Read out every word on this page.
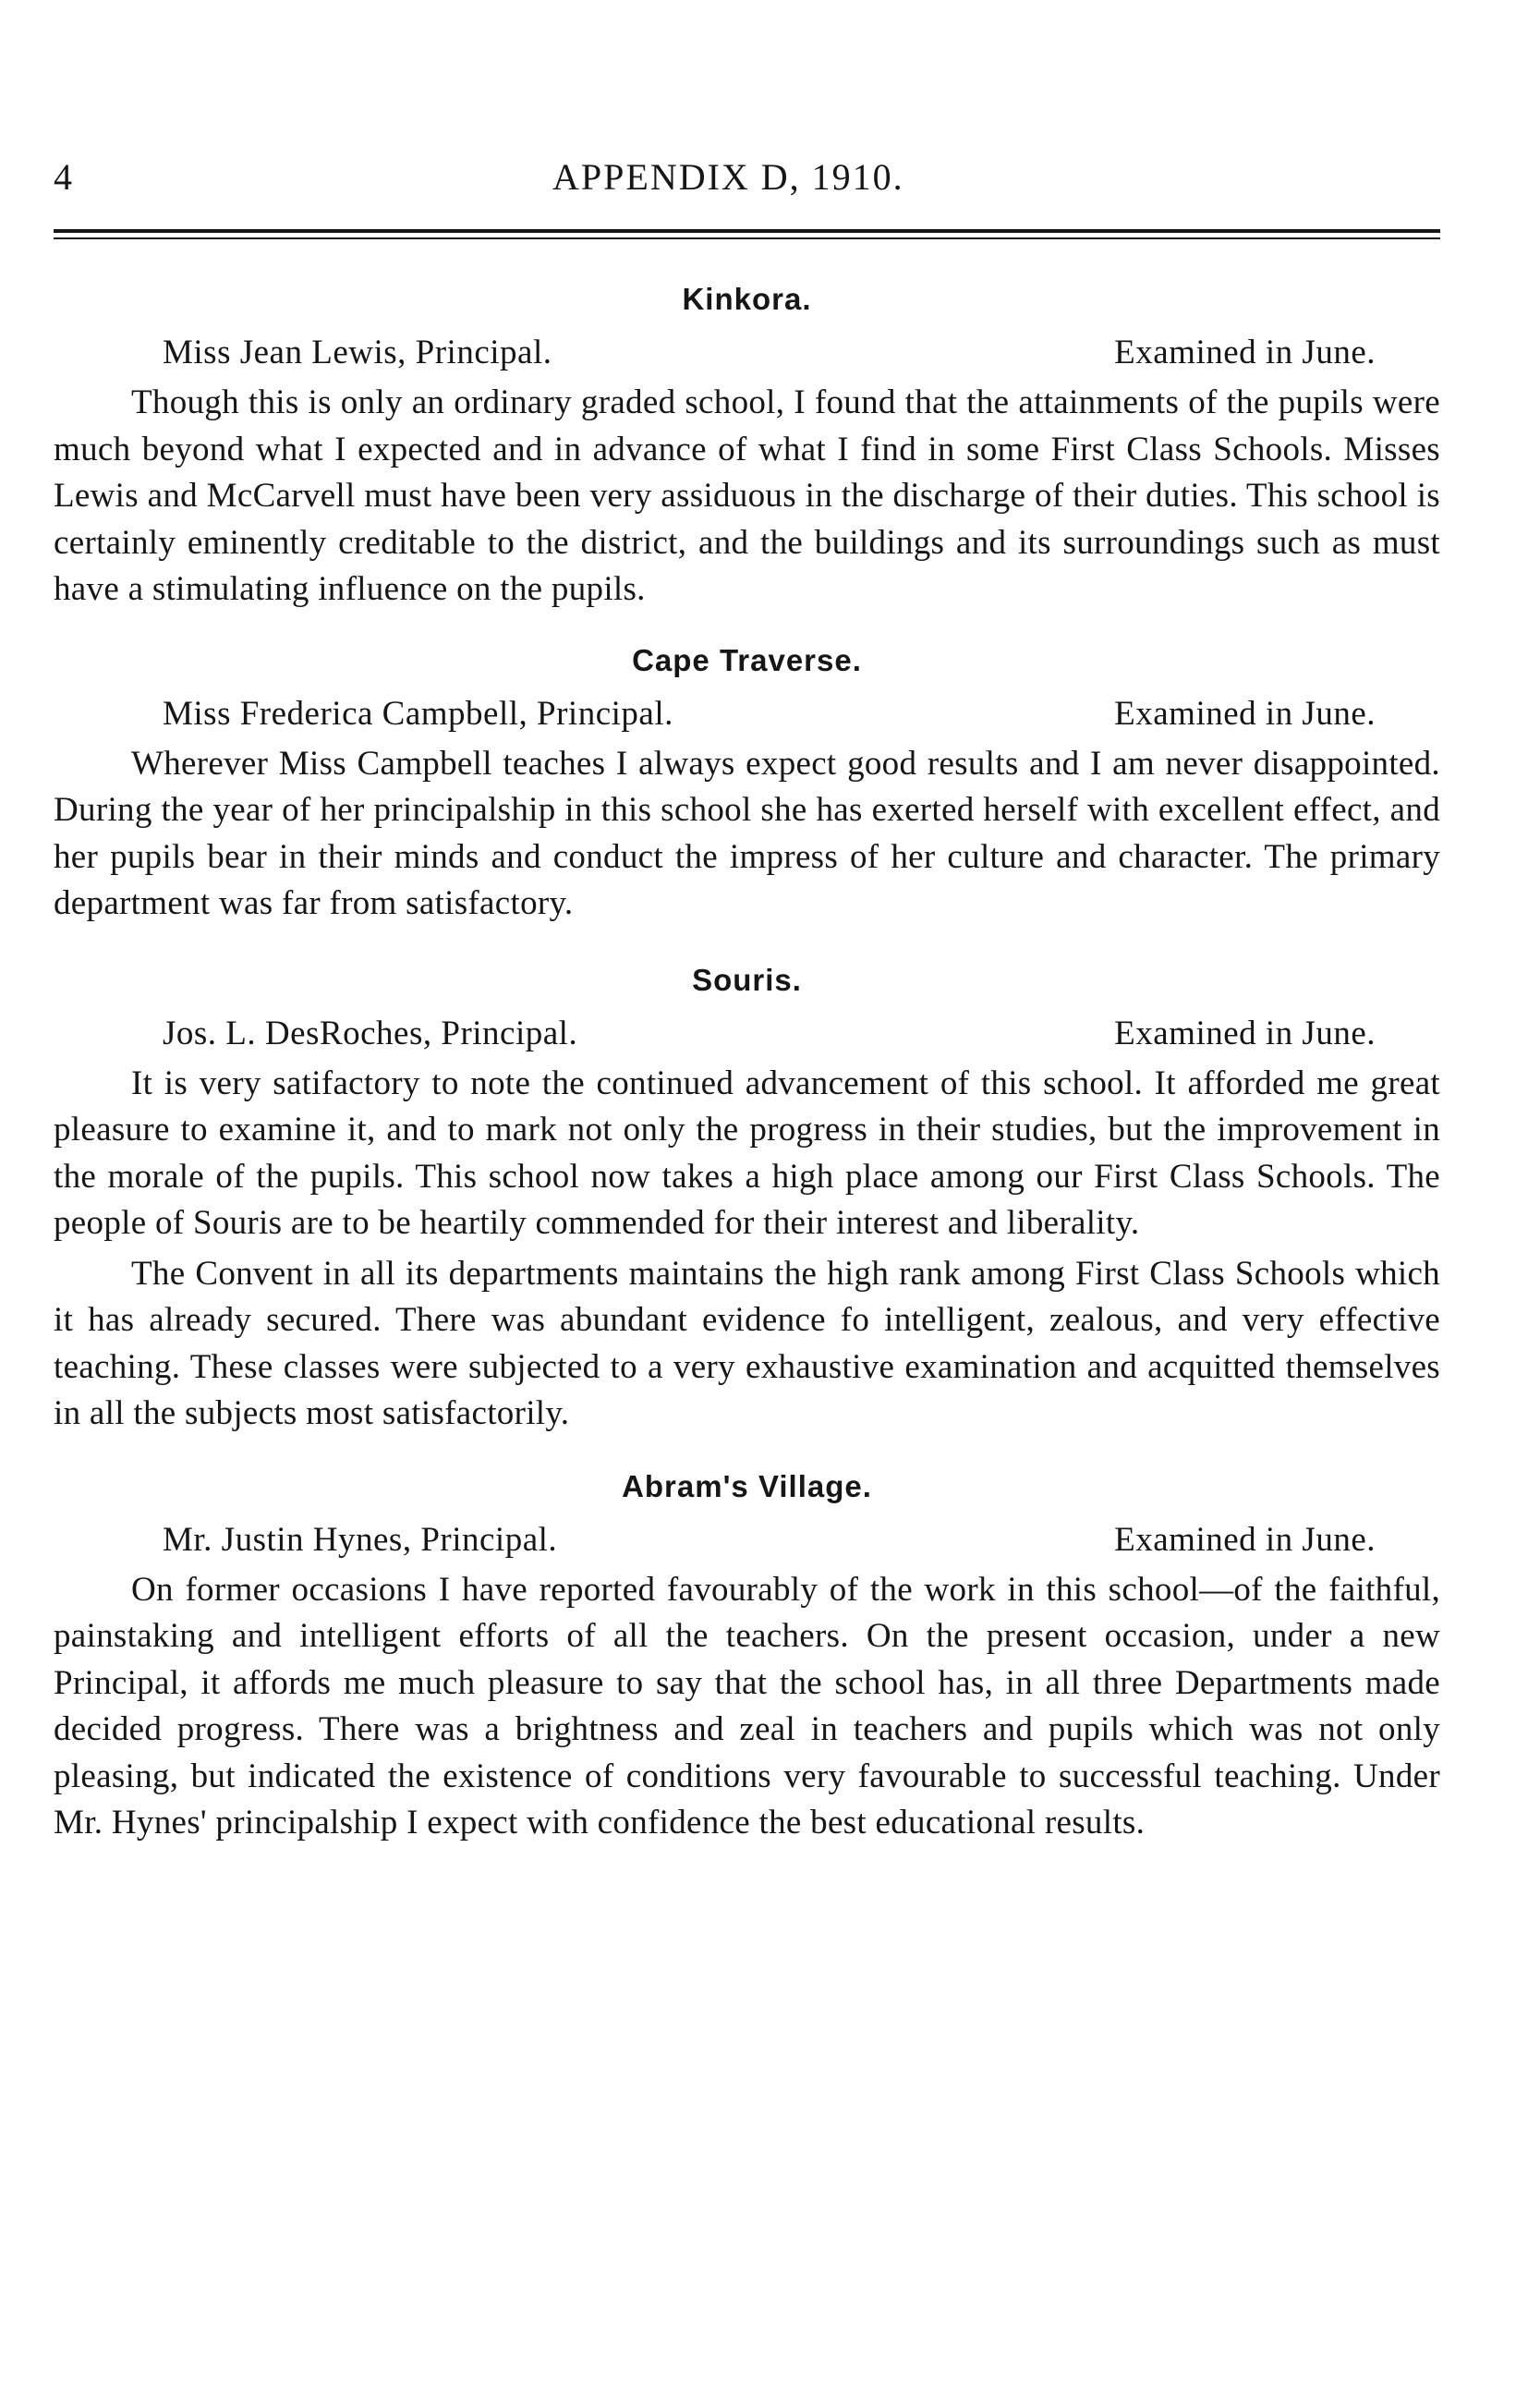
4	APPENDIX D, 1910.
Kinkora.
Miss Jean Lewis, Principal.	Examined in June.

Though this is only an ordinary graded school, I found that the attainments of the pupils were much beyond what I expected and in advance of what I find in some First Class Schools. Misses Lewis and McCarvell must have been very assiduous in the discharge of their duties. This school is certainly eminently creditable to the district, and the buildings and its surroundings such as must have a stimulating influence on the pupils.

Cape Traverse.
Miss Frederica Campbell, Principal.	Examined in June.

Wherever Miss Campbell teaches I always expect good results and I am never disappointed. During the year of her principalship in this school she has exerted herself with excellent effect, and her pupils bear in their minds and conduct the impress of her culture and character. The primary department was far from satisfactory.

Souris.
Jos. L. DesRoches, Principal.	Examined in June.

It is very satifactory to note the continued advancement of this school. It afforded me great pleasure to examine it, and to mark not only the progress in their studies, but the improvement in the morale of the pupils. This school now takes a high place among our First Class Schools. The people of Souris are to be heartily commended for their interest and liberality.

The Convent in all its departments maintains the high rank among First Class Schools which it has already secured. There was abundant evidence fo intelligent, zealous, and very effective teaching. These classes were subjected to a very exhaustive examination and acquitted themselves in all the subjects most satisfactorily.

Abram's Village.
Mr. Justin Hynes, Principal.	Examined in June.

On former occasions I have reported favourably of the work in this school—of the faithful, painstaking and intelligent efforts of all the teachers. On the present occasion, under a new Principal, it affords me much pleasure to say that the school has, in all three Departments made decided progress. There was a brightness and zeal in teachers and pupils which was not only pleasing, but indicated the existence of conditions very favourable to successful teaching. Under Mr. Hynes' principalship I expect with confidence the best educational results.
